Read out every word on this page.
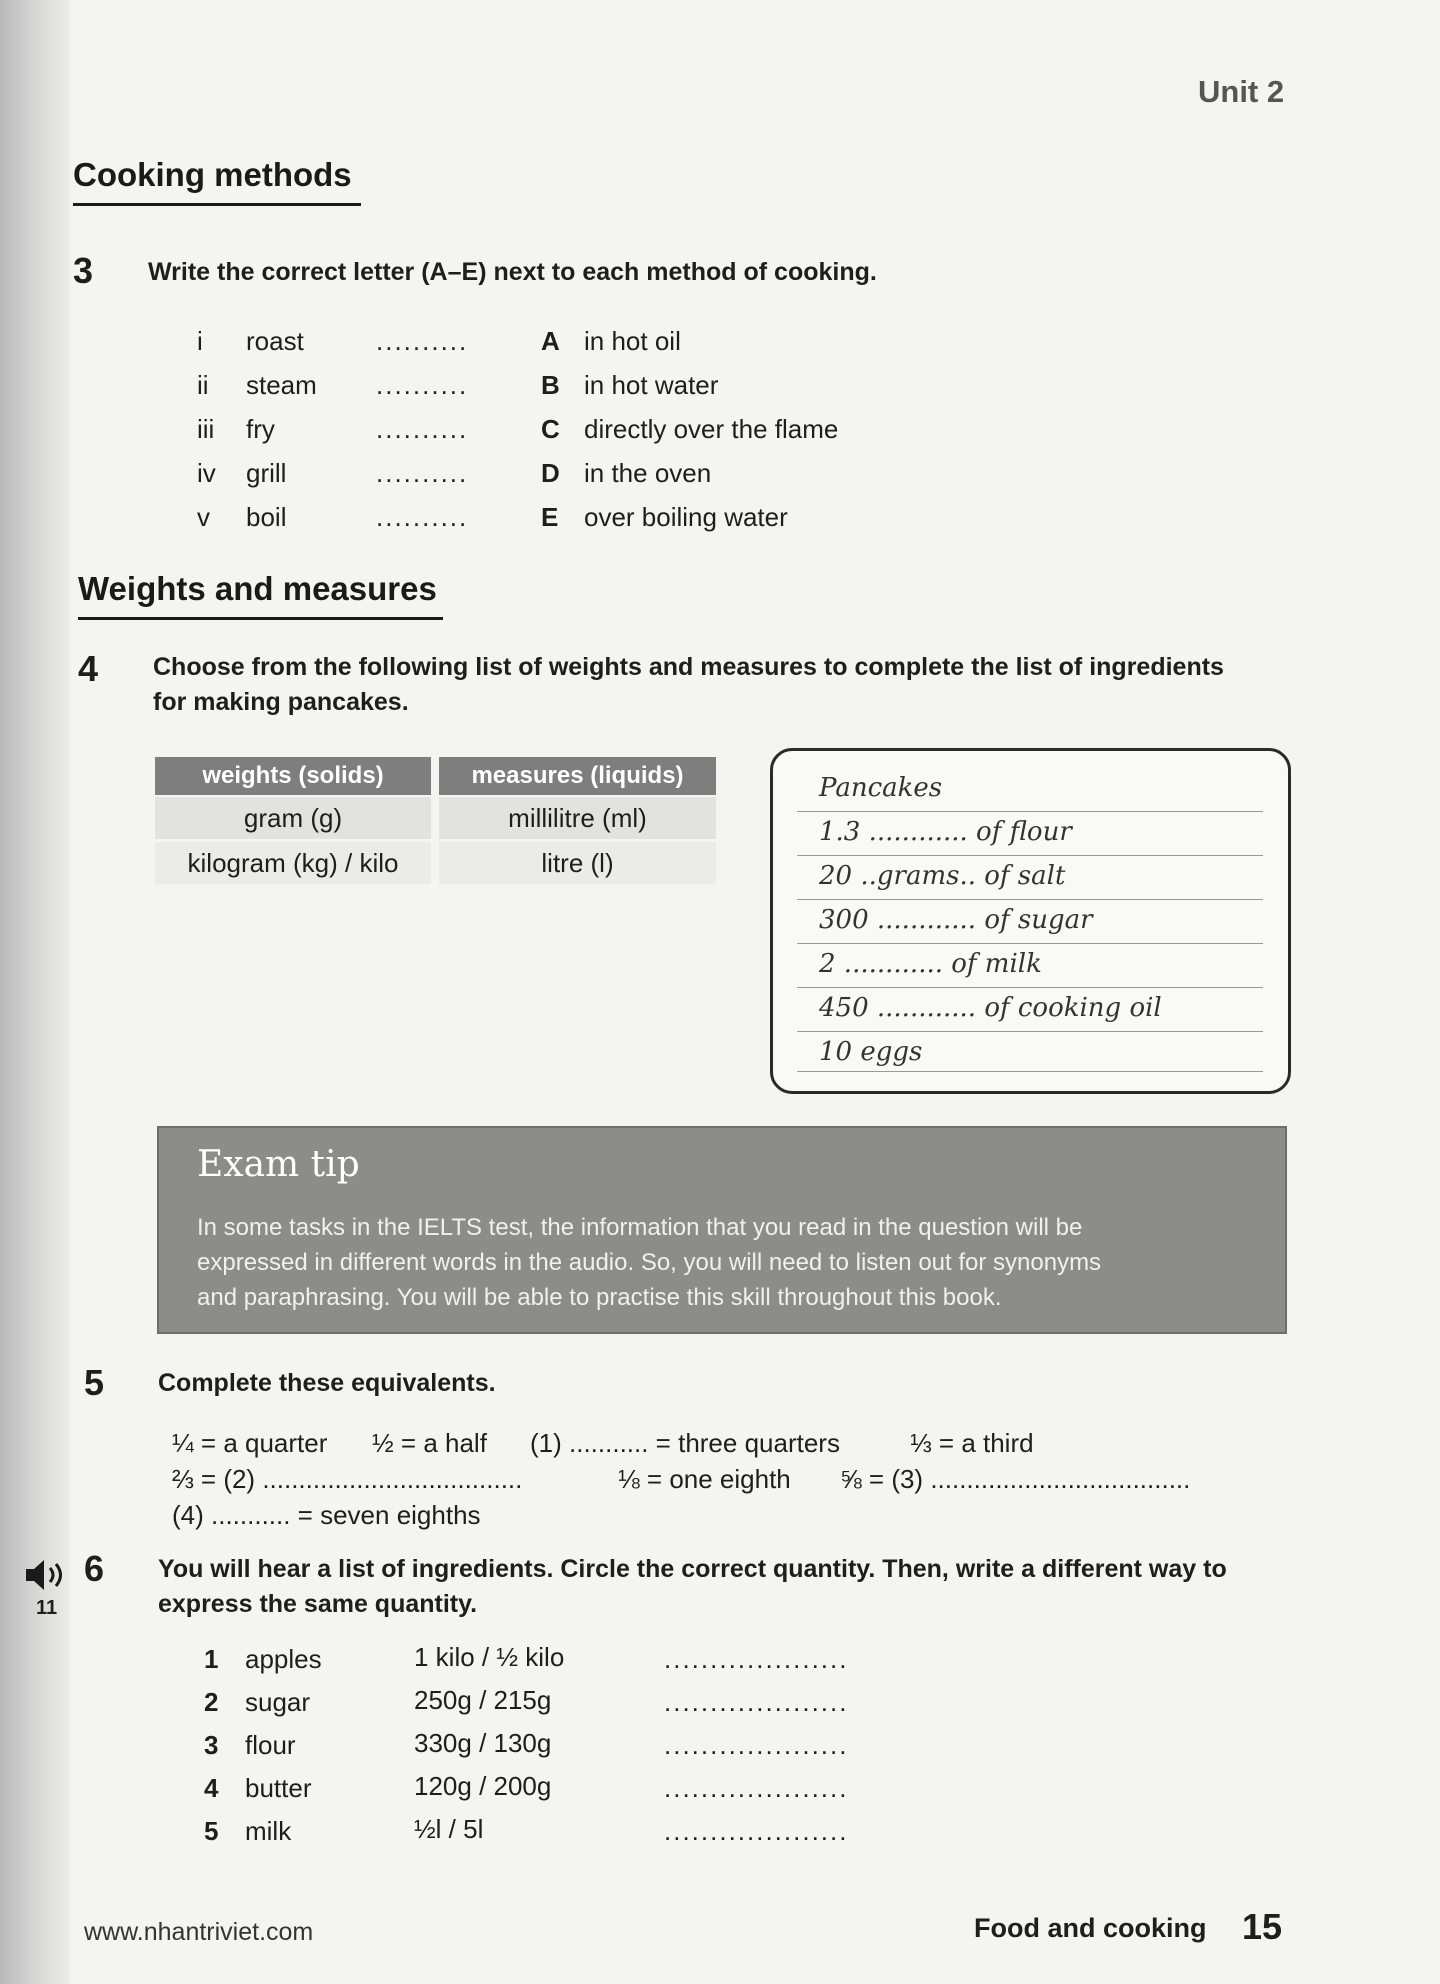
Unit 2
Cooking methods
3 Write the correct letter (A–E) next to each method of cooking.
i roast	..........	A in hot oil
ii steam ..........	B in hot water
iii fry	..........	C directly over the flame
iv grill	..........	D in the oven
v boil	..........	E over boiling water
Weights and measures
4 Choose from the following list of weights and measures to complete the list of ingredients
for making pancakes.
weights (solids)	measures (liquids)
gram (g)	millilitre (ml)
kilogram (kg) / kilo	litre (l)
Pancakes
1.3 ............ of flour
20 ..grams.. of salt
300 ............ of sugar
2 ............ of milk
450 ............ of cooking oil
10 eggs
Exam tip
In some tasks in the IELTS test, the information that you read in the question will be
expressed in different words in the audio. So, you will need to listen out for synonyms
and paraphrasing. You will be able to practise this skill throughout this book.
5 Complete these equivalents.
¼ = a quarter ½ = a half (1) ........... = three quarters	⅓ = a third
⅔ = (2) ....................................	⅛ = one eighth ⅝ = (3) ....................................
(4) ........... = seven eighths
11
6 You will hear a list of ingredients. Circle the correct quantity. Then, write a different way to
express the same quantity.
1 apples	1 kilo / ½ kilo	....................
2 sugar	250g / 215g	....................
3 flour	330g / 130g	....................
4 butter	120g / 200g	....................
5 milk	½l / 5l	....................
www.nhantriviet.com	Food and cooking 15
